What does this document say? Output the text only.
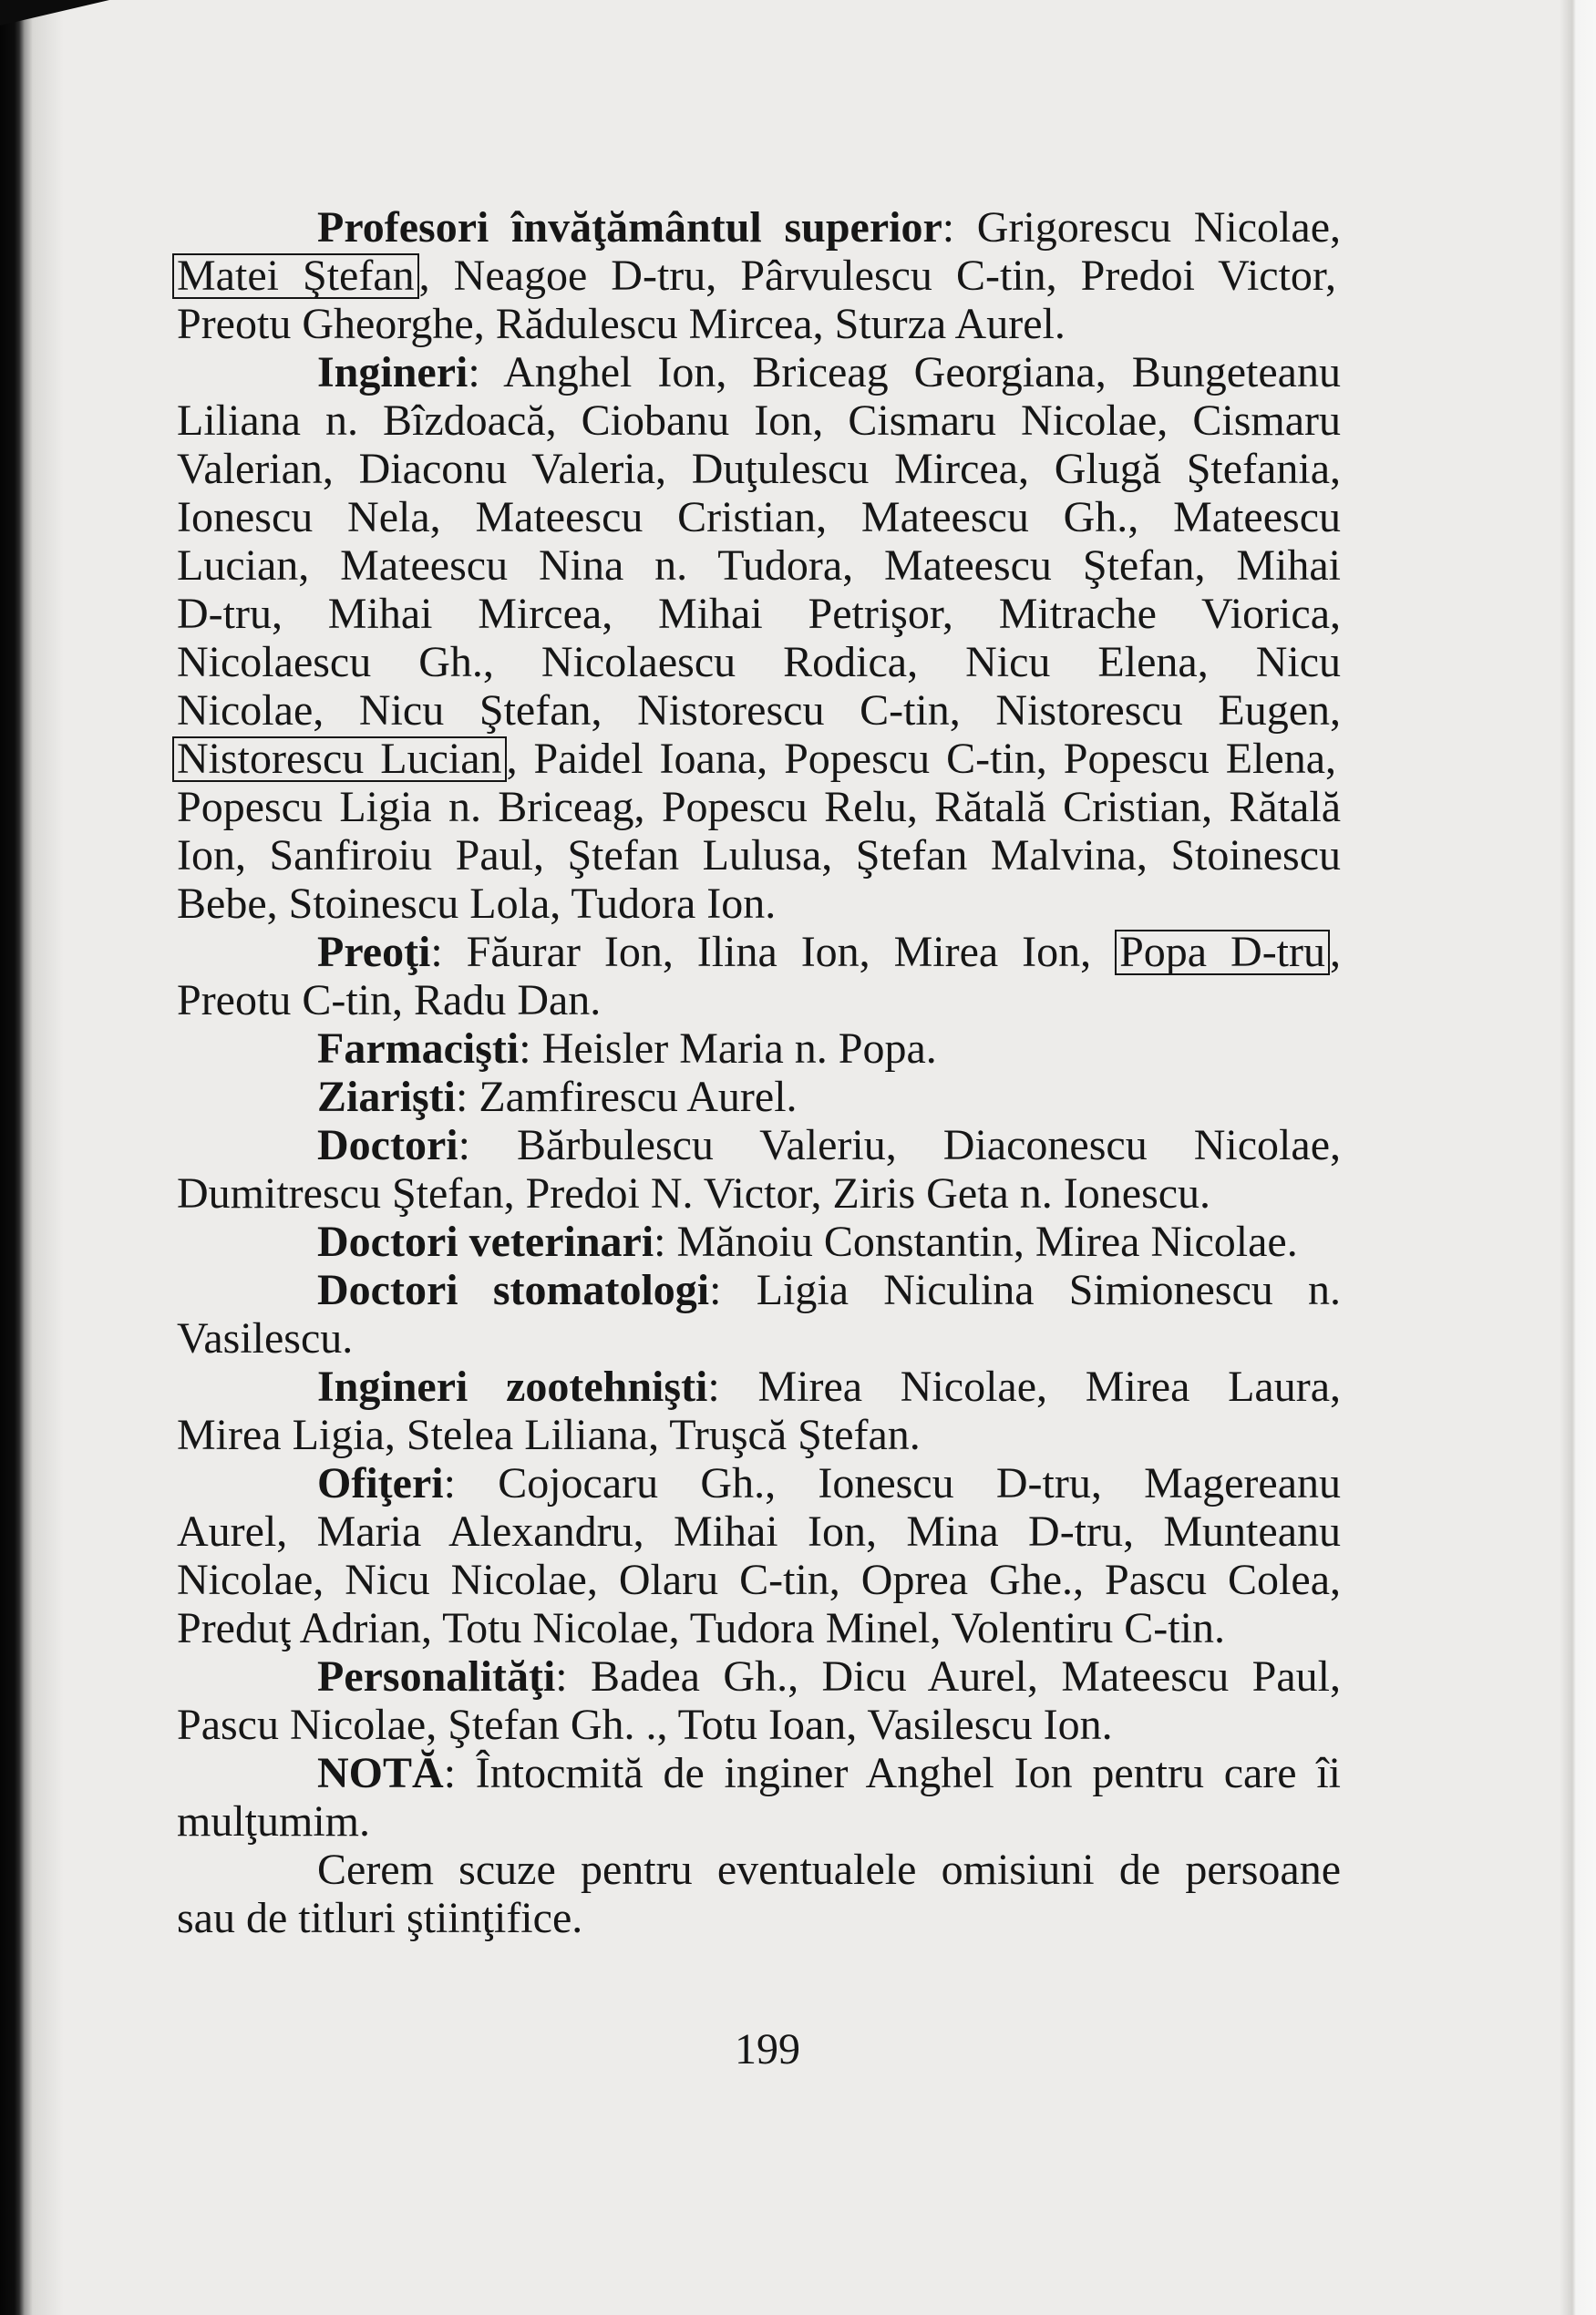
Profesori învăţământul superior: Grigorescu Nicolae,
Matei Ştefan , Neagoe D-tru, Pârvulescu C-tin, Predoi Victor,
Preotu Gheorghe, Rădulescu Mircea, Sturza Aurel.
Ingineri: Anghel Ion, Briceag Georgiana, Bungeteanu
Liliana n. Bîzdoacă, Ciobanu Ion, Cismaru Nicolae, Cismaru
Valerian, Diaconu Valeria, Duţulescu Mircea, Glugă Ştefania,
Ionescu Nela, Mateescu Cristian, Mateescu Gh., Mateescu
Lucian, Mateescu Nina n. Tudora, Mateescu Ştefan, Mihai
D-tru, Mihai Mircea, Mihai Petrişor, Mitrache Viorica,
Nicolaescu Gh., Nicolaescu Rodica, Nicu Elena, Nicu
Nicolae, Nicu Ştefan, Nistorescu C-tin, Nistorescu Eugen,
Nistorescu Lucian , Paidel Ioana, Popescu C-tin, Popescu Elena,
Popescu Ligia n. Briceag, Popescu Relu, Rătală Cristian, Rătală
Ion, Sanfiroiu Paul, Ştefan Lulusa, Ştefan Malvina, Stoinescu
Bebe, Stoinescu Lola, Tudora Ion.
Preoţi: Făurar Ion, Ilina Ion, Mirea Ion, Popa D-tru ,
Preotu C-tin, Radu Dan.
Farmacişti: Heisler Maria n. Popa.
Ziarişti: Zamfirescu Aurel.
Doctori: Bărbulescu Valeriu, Diaconescu Nicolae,
Dumitrescu Ştefan, Predoi N. Victor, Ziris Geta n. Ionescu.
Doctori veterinari: Mănoiu Constantin, Mirea Nicolae.
Doctori stomatologi: Ligia Niculina Simionescu n.
Vasilescu.
Ingineri zootehnişti: Mirea Nicolae, Mirea Laura,
Mirea Ligia, Stelea Liliana, Truşcă Ştefan.
Ofiţeri: Cojocaru Gh., Ionescu D-tru, Magereanu
Aurel, Maria Alexandru, Mihai Ion, Mina D-tru, Munteanu
Nicolae, Nicu Nicolae, Olaru C-tin, Oprea Ghe., Pascu Colea,
Preduţ Adrian, Totu Nicolae, Tudora Minel, Volentiru C-tin.
Personalităţi: Badea Gh., Dicu Aurel, Mateescu Paul,
Pascu Nicolae, Ştefan Gh. ., Totu Ioan, Vasilescu Ion.
NOTĂ: Întocmită de inginer Anghel Ion pentru care îi
mulţumim.
Cerem scuze pentru eventualele omisiuni de persoane
sau de titluri ştiinţifice.
199
